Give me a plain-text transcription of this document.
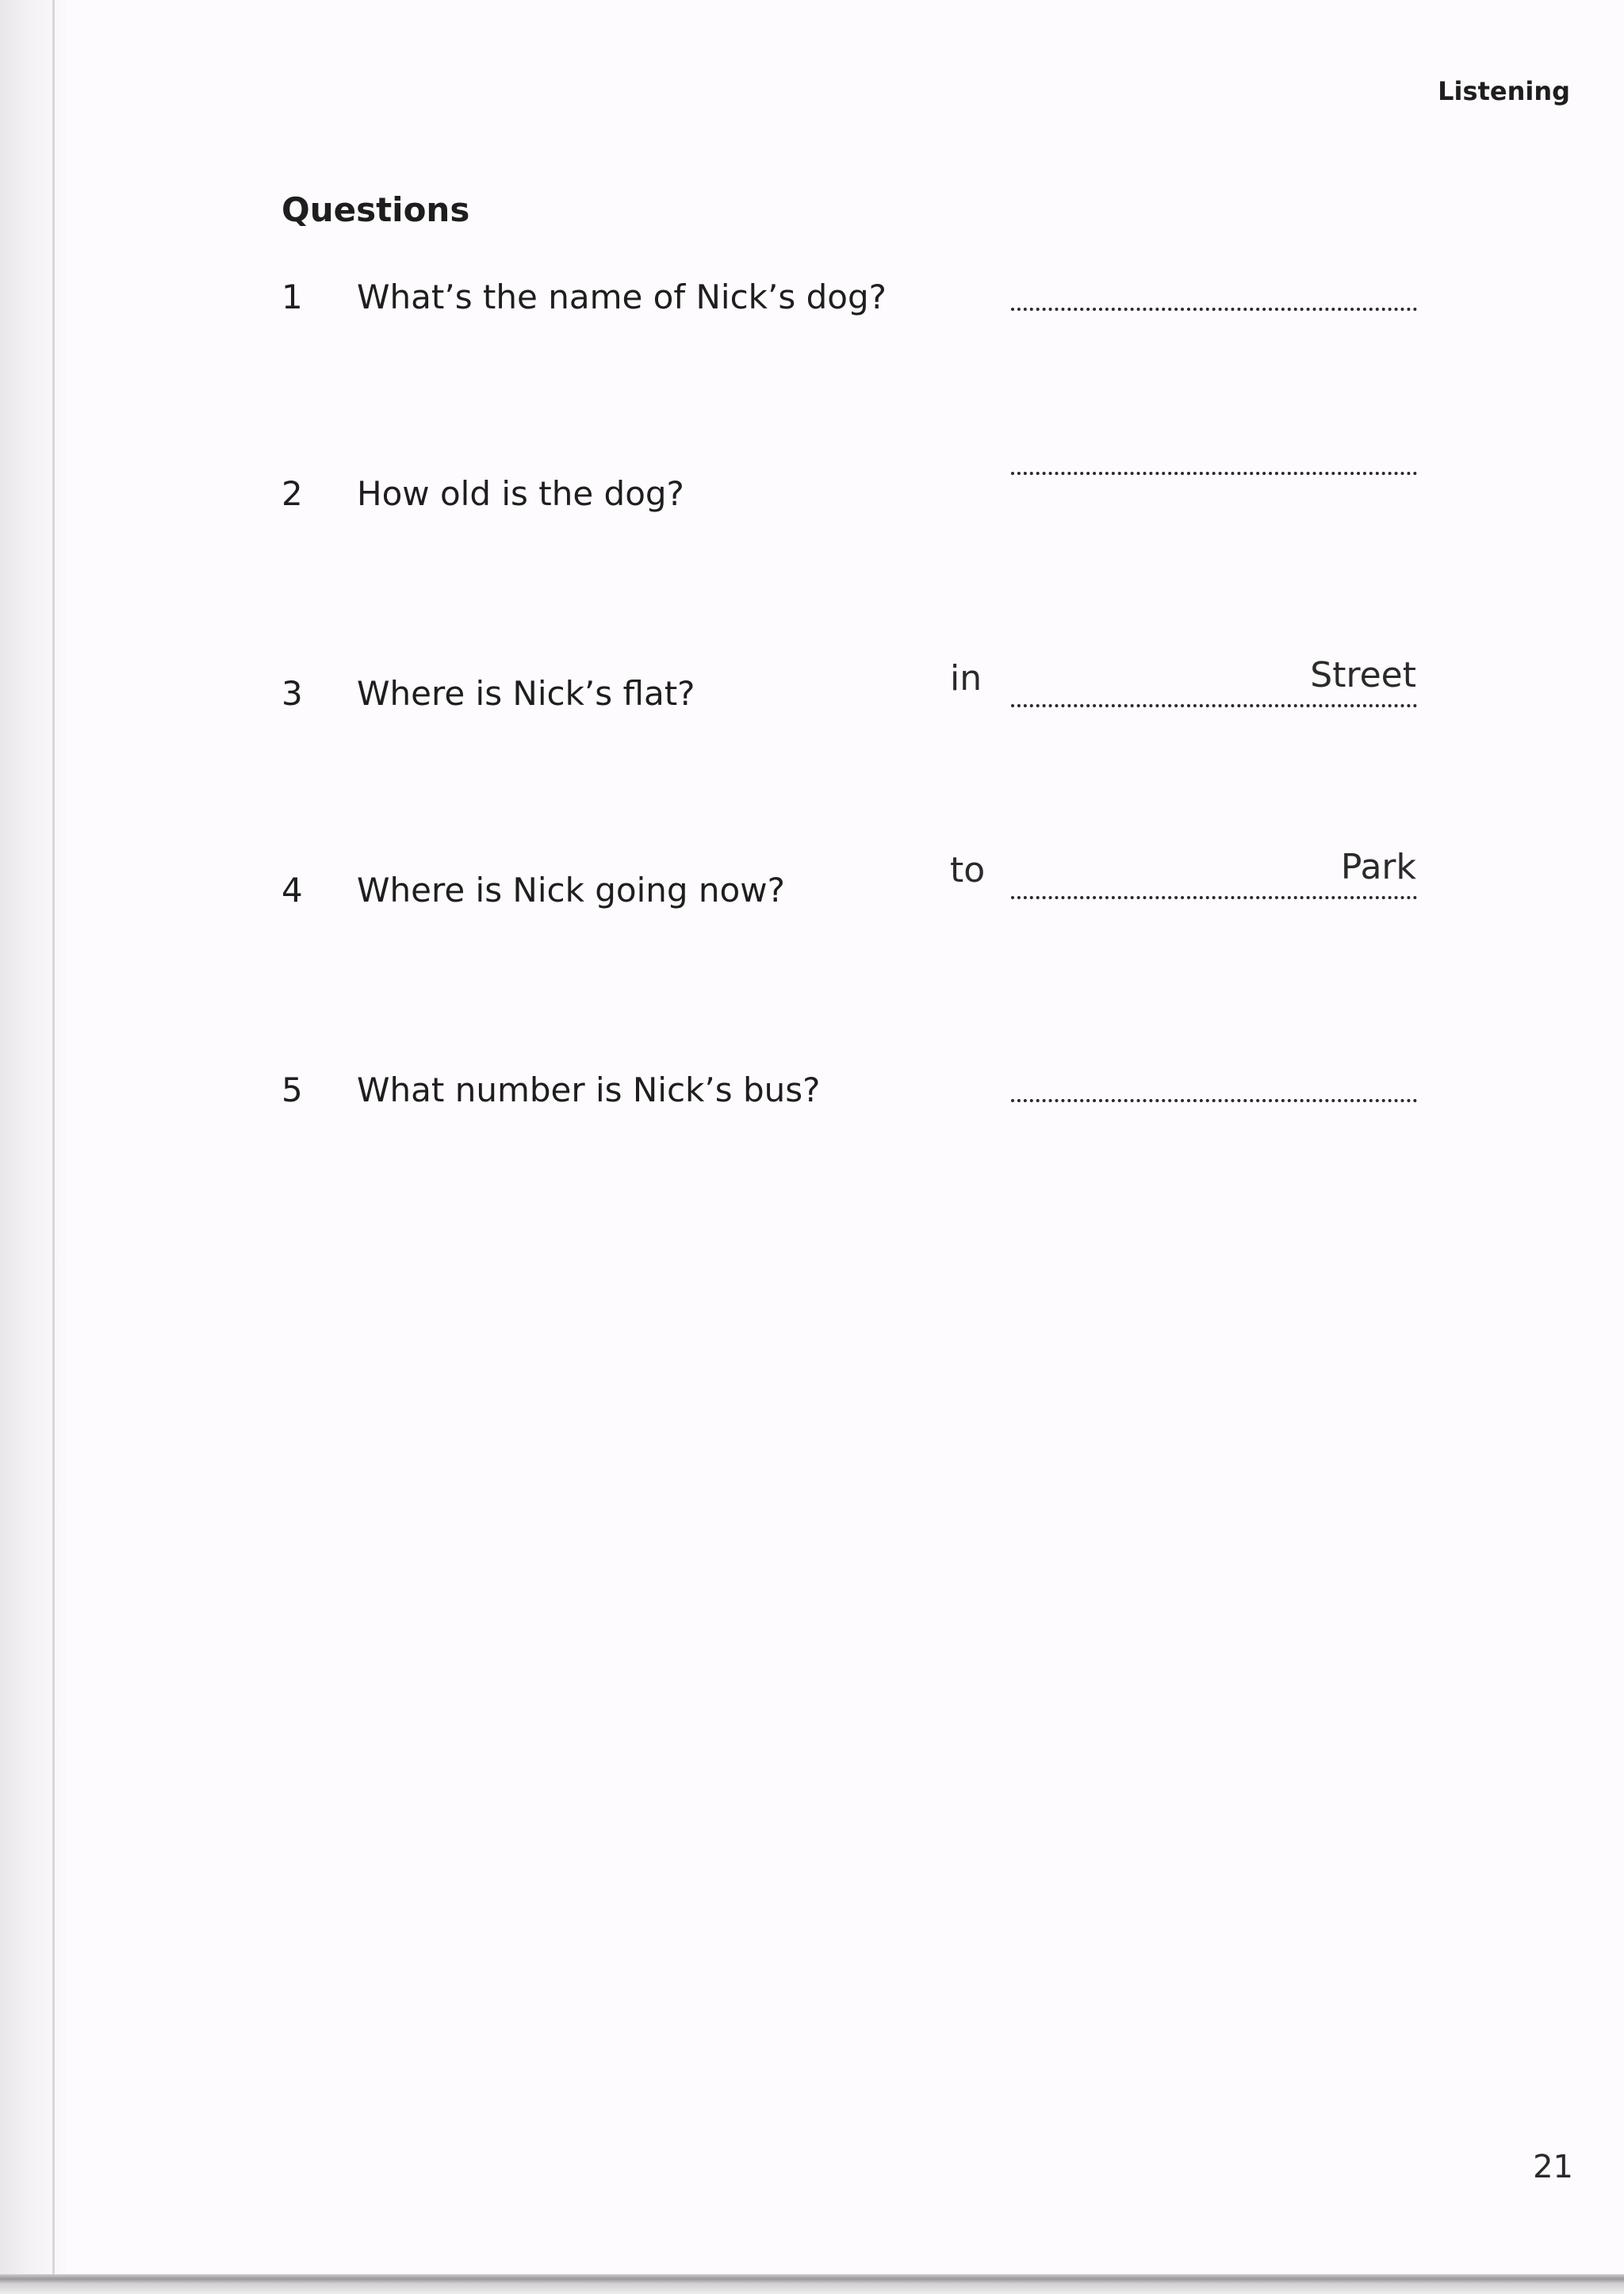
Listening
Questions
1 What’s the name of Nick’s dog?
2 How old is the dog?
3 Where is Nick’s flat?	in	Street
4 Where is Nick going now?	to	Park
5 What number is Nick’s bus?
21
